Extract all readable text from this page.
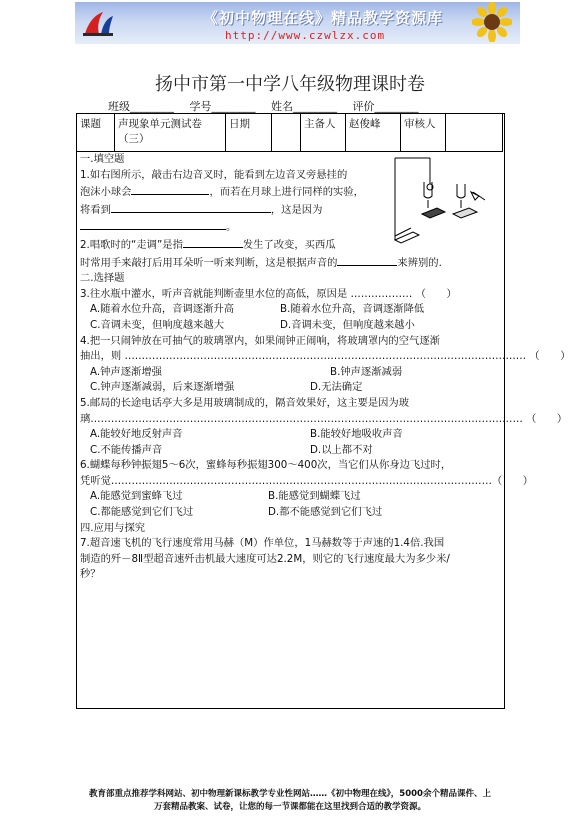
《初中物理在线》精品教学资源库
http://www.czwlzx.com
扬中市第一中学八年级物理课时卷
班级________ 学号________ 姓名________ 评价________
课题	声现象单元测试卷（三）	日期		主备人	赵俊峰	审核人	
一.填空题
1.如右图所示，敲击右边音叉时，能看到左边音叉旁悬挂的
泡沫小球会	，而若在月球上进行同样的实验，
将看到	，这是因为
。
2.唱歌时的“走调”是指	发生了改变，买西瓜
时常用手来敲打后用耳朵听一听来判断，这是根据声音的	来辨别的.
二.选择题
3.往水瓶中灌水，听声音就能判断壶里水位的高低，原因是 ……………… （　　）
A.随着水位升高，音调逐渐升高	B.随着水位升高，音调逐渐降低
C.音调未变，但响度越来越大	D.音调未变，但响度越来越小
4.把一只闹钟放在可抽气的玻璃罩内，如果闹钟正闹响，将玻璃罩内的空气逐渐
抽出，则 ……………………………………………………………………………………………………… （　　）
A.钟声逐渐增强	B.钟声逐渐减弱
C.钟声逐渐减弱，后来逐渐增强	D.无法确定
5.邮局的长途电话亭大多是用玻璃制成的，隔音效果好，这主要是因为玻
璃……………………………………………………………………………………………………………… （　　）
A.能较好地反射声音	B.能较好地吸收声音
C.不能传播声音	D.以上都不对
6.蝴蝶每秒钟振翅5～6次，蜜蜂每秒振翅300～400次，当它们从你身边飞过时，
凭听觉…………………………………………………………………………………………………（　　）
A.能感觉到蜜蜂飞过	B.能感觉到蝴蝶飞过
C.都能感觉到它们飞过	D.都不能感觉到它们飞过
四.应用与探究
7.超音速飞机的飞行速度常用马赫（M）作单位，1马赫数等于声速的1.4倍.我国
制造的歼－8Ⅱ型超音速歼击机最大速度可达2.2M，则它的飞行速度最大为多少米/
秒？
教育部重点推荐学科网站、初中物理新课标教学专业性网站……《初中物理在线》，5000余个精品课件、上
万套精品教案、试卷，让您的每一节课都能在这里找到合适的教学资源。
